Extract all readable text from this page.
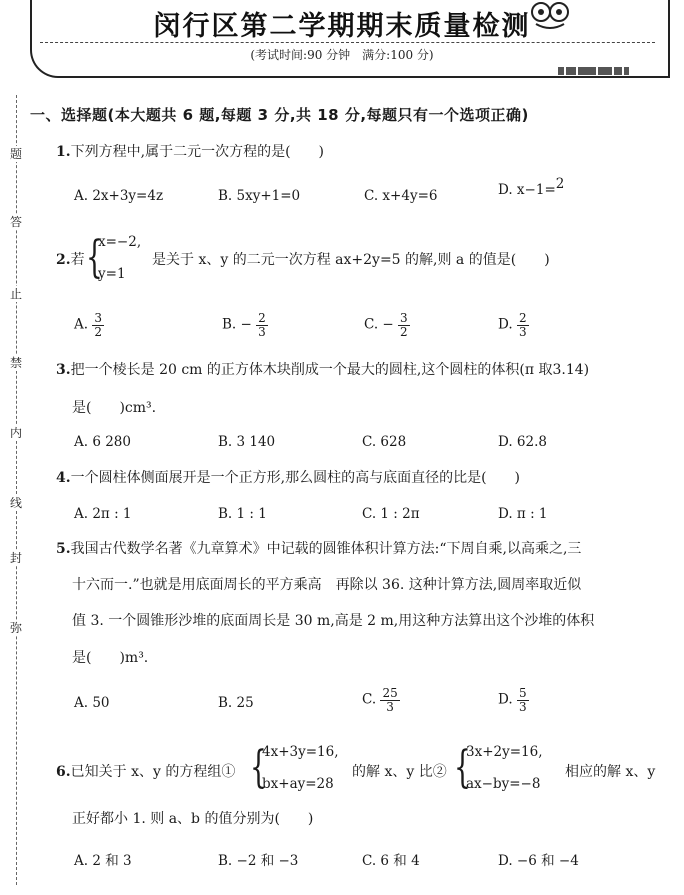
闵行区第二学期期末质量检测
(考试时间:90 分钟　满分:100 分)
题
答
止
禁
内
线
封
弥
一、选择题(本大题共 6 题,每题 3 分,共 18 分,每题只有一个选项正确)
1.下列方程中,属于二元一次方程的是(　　)
A. 2x+3y=4z	B. 5xy+1=0	C. x+4y=6	D. x−1=2
2.若 {
x=−2,
y=1
是关于 x、y 的二元一次方程 ax+2y=5 的解,则 a 的值是(　　)
A. $\frac{3}{2}$	B. − $\frac{2}{3}$	C. − $\frac{3}{2}$	D. $\frac{2}{3}$
3.把一个棱长是 20 cm 的正方体木块削成一个最大的圆柱,这个圆柱的体积(π 取3.14)
是(　　)cm³.
A. 6 280	B. 3 140	C. 628	D. 62.8
4.一个圆柱体侧面展开是一个正方形,那么圆柱的高与底面直径的比是(　　)
A. 2π : 1	B. 1 : 1	C. 1 : 2π	D. π : 1
5.我国古代数学名著《九章算术》中记载的圆锥体积计算方法:“下周自乘,以高乘之,三
十六而一.”也就是用底面周长的平方乘高　再除以 36. 这种计算方法,圆周率取近似
值 3. 一个圆锥形沙堆的底面周长是 30 m,高是 2 m,用这种方法算出这个沙堆的体积
是(　　)m³.
A. 50	B. 25	C. $\frac{25}{3}$	D. $\frac{5}{3}$
6.已知关于 x、y 的方程组① {
4x+3y=16,
bx+ay=28
的解 x、y 比② {
3x+2y=16,
ax−by=−8
相应的解 x、y
正好都小 1. 则 a、b 的值分别为(　　)
A. 2 和 3	B. −2 和 −3	C. 6 和 4	D. −6 和 −4
